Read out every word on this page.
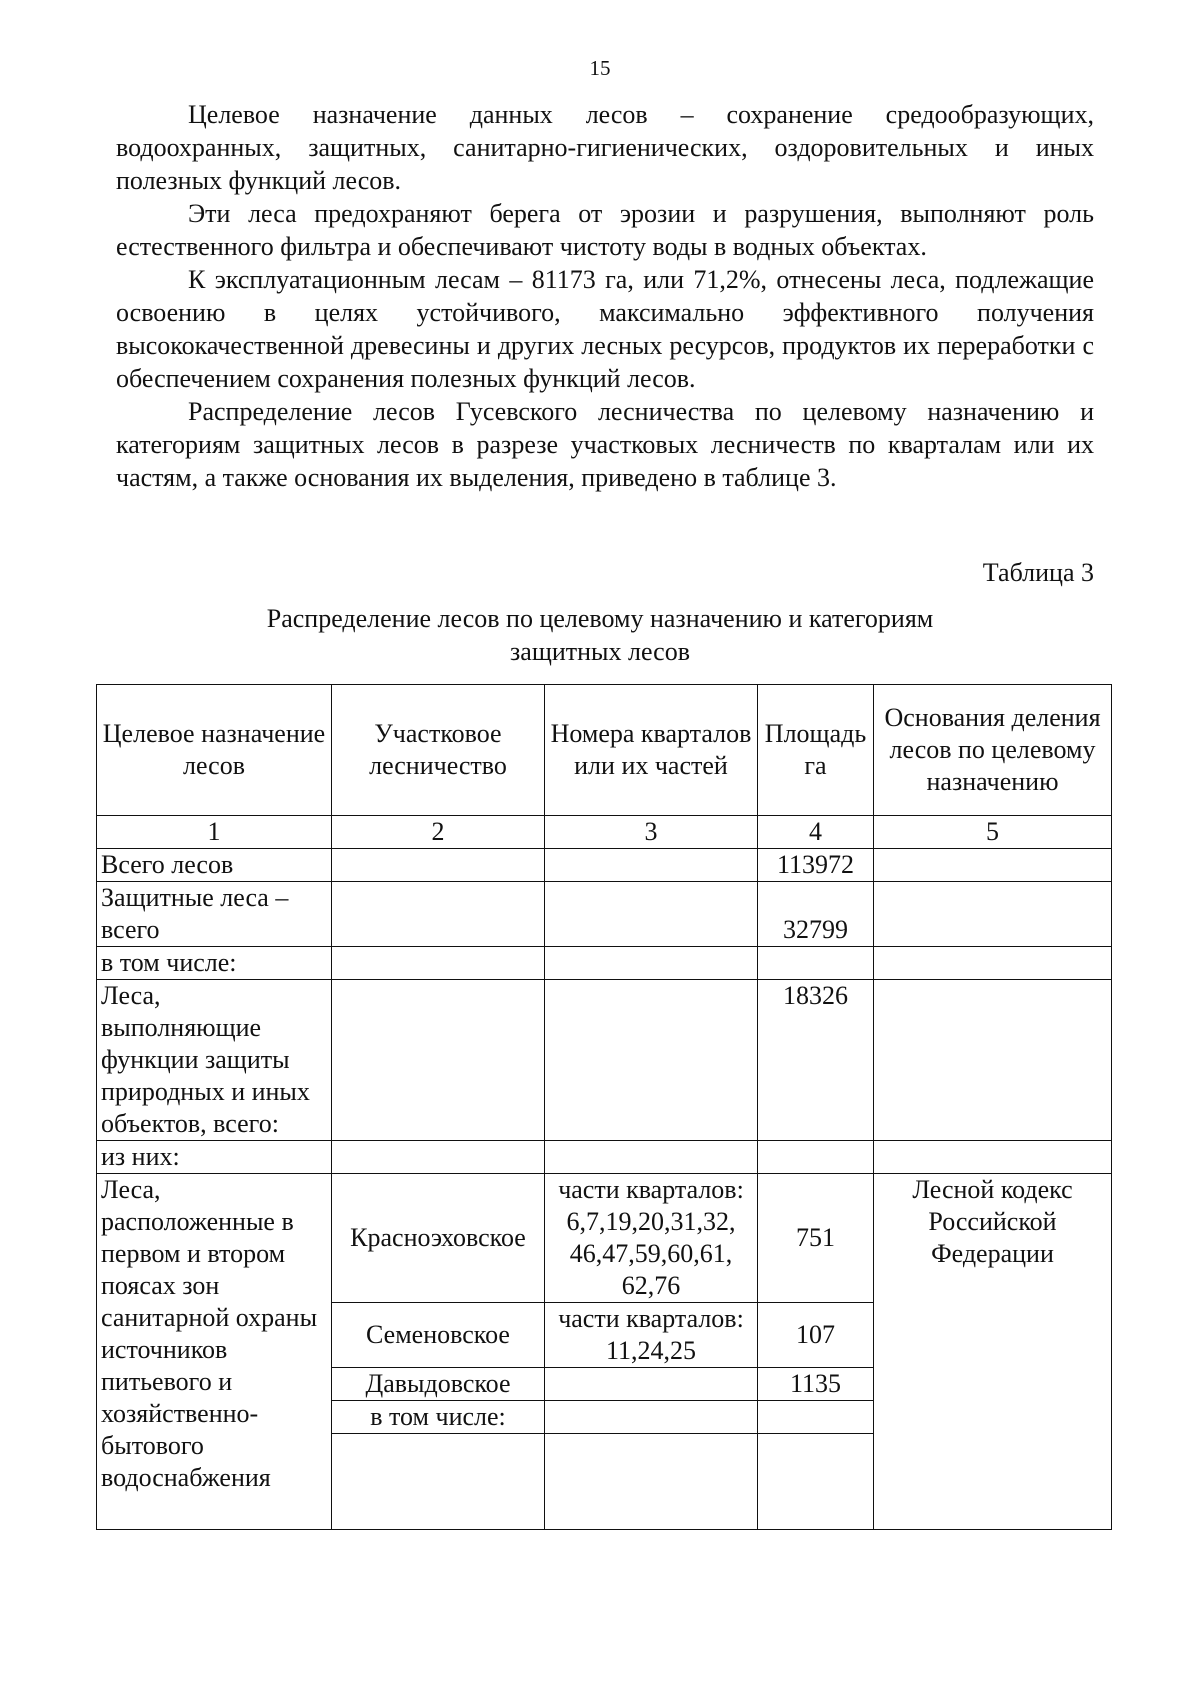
15

Целевое назначение данных лесов – сохранение средообразующих, водоохранных, защитных, санитарно-гигиенических, оздоровительных и иных полезных функций лесов.

Эти леса предохраняют берега от эрозии и разрушения, выполняют роль естественного фильтра и обеспечивают чистоту воды в водных объектах.

К эксплуатационным лесам – 81173 га, или 71,2%, отнесены леса, подлежащие освоению в целях устойчивого, максимально эффективного получения высококачественной древесины и других лесных ресурсов, продуктов их переработки с обеспечением сохранения полезных функций лесов.

Распределение лесов Гусевского лесничества по целевому назначению и категориям защитных лесов в разрезе участковых лесничеств по кварталам или их частям, а также основания их выделения, приведено в таблице 3.

Таблица 3
Распределение лесов по целевому назначению и категориям
защитных лесов
Целевое назначение лесов	Участковое лесничество	Номера кварталов или их частей	Площадь га	Основания деления лесов по целевому назначению
1	2	3	4	5
Всего лесов			113972	
Защитные леса – всего			32799	
в том числе:				
Леса, выполняющие функции защиты природных и иных объектов, всего:			18326	
из них:				
Леса, расположенные в первом и втором поясах зон санитарной охраны источников питьевого и хозяйственно-бытового водоснабжения	Красноэховское	части кварталов: 6,7,19,20,31,32, 46,47,59,60,61, 62,76	751	Лесной кодекс Российской Федерации
	Семеновское	части кварталов: 11,24,25	107	
	Давыдовское		1135	
	в том числе:			
